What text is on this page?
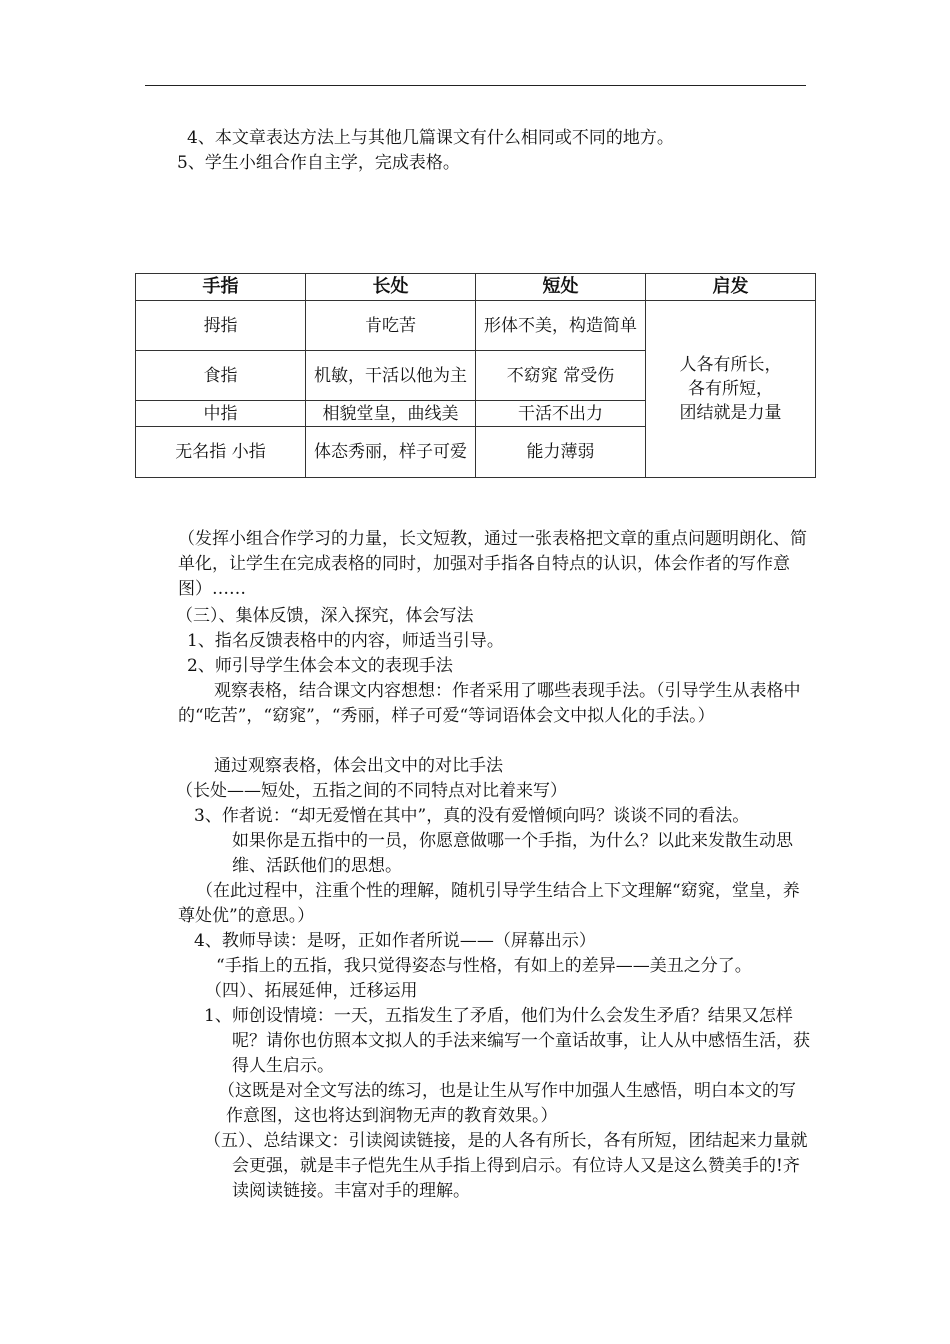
4、本文章表达方法上与其他几篇课文有什么相同或不同的地方。
5、学生小组合作自主学，完成表格。
手指	长处	短处	启发
拇指	肯吃苦	形体不美，构造简单	人各有所长，
各有所短，
团结就是力量

食指	机敏，干活以他为主	不窈窕 常受伤	
中指	相貌堂皇，曲线美	干活不出力	
无名指 小指	体态秀丽，样子可爱	能力薄弱	
（发挥小组合作学习的力量，长文短教，通过一张表格把文章的重点问题明朗化、简单化，让学生在完成表格的同时，加强对手指各自特点的认识，体会作者的写作意图）……
（三）、集体反馈，深入探究，体会写法
1、指名反馈表格中的内容，师适当引导。
2、师引导学生体会本文的表现手法
观察表格，结合课文内容想想：作者采用了哪些表现手法。（引导学生从表格中的“吃苦”，“窈窕”，“秀丽，样子可爱“等词语体会文中拟人化的手法。）
通过观察表格，体会出文中的对比手法
（长处——短处，五指之间的不同特点对比着来写）
3、作者说：“却无爱憎在其中”，真的没有爱憎倾向吗？谈谈不同的看法。
如果你是五指中的一员，你愿意做哪一个手指，为什么？以此来发散生动思维、活跃他们的思想。
（在此过程中，注重个性的理解，随机引导学生结合上下文理解“窈窕，堂皇，养尊处优”的意思。）
4、教师导读：是呀，正如作者所说——（屏幕出示）
“手指上的五指，我只觉得姿态与性格，有如上的差异——美丑之分了。
（四）、拓展延伸，迁移运用
1、师创设情境：一天，五指发生了矛盾，他们为什么会发生矛盾？结果又怎样呢？请你也仿照本文拟人的手法来编写一个童话故事，让人从中感悟生活，获得人生启示。
（这既是对全文写法的练习，也是让生从写作中加强人生感悟，明白本文的写作意图，这也将达到润物无声的教育效果。）
（五）、总结课文：引读阅读链接，是的人各有所长，各有所短，团结起来力量就会更强，就是丰子恺先生从手指上得到启示。有位诗人又是这么赞美手的!齐读阅读链接。丰富对手的理解。
